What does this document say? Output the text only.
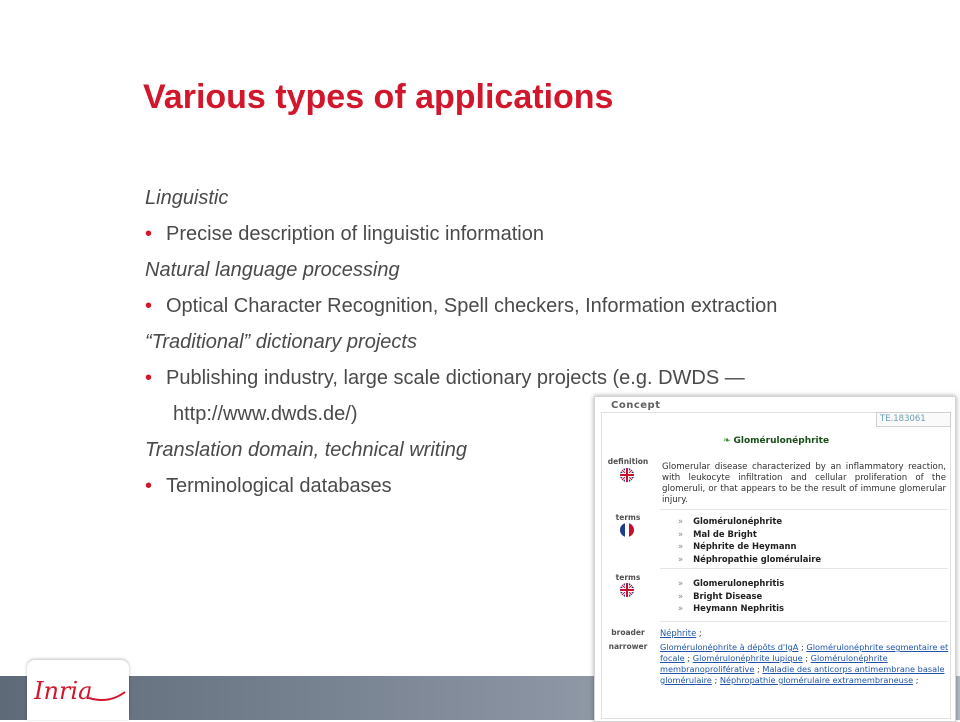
Various types of applications
Linguistic
• Precise description of linguistic information
Natural language processing
• Optical Character Recognition, Spell checkers, Information extraction
“Traditional” dictionary projects
• Publishing industry, large scale dictionary projects (e.g. DWDS —
http://www.dwds.de/)
Translation domain, technical writing
• Terminological databases
Inria
Concept
TE.183061
❧ Glomérulonéphrite
definition
Glomerular disease characterized by an inflammatory reaction, with leukocyte infiltration and cellular proliferation of the glomeruli, or that appears to be the result of immune glomerular injury.
terms	» Glomérulonéphrite
» Mal de Bright
» Néphrite de Heymann
» Néphropathie glomérulaire
terms
» Glomerulonephritis
» Bright Disease
» Heymann Nephritis
broader	Néphrite ;
narrower	Glomérulonéphrite à dépôts d'IgA ; Glomérulonéphrite segmentaire et focale ; Glomérulonéphrite lupique ; Glomérulonéphrite membranoproliférative ; Maladie des anticorps antimembrane basale glomérulaire ; Néphropathie glomérulaire extramembraneuse ;
